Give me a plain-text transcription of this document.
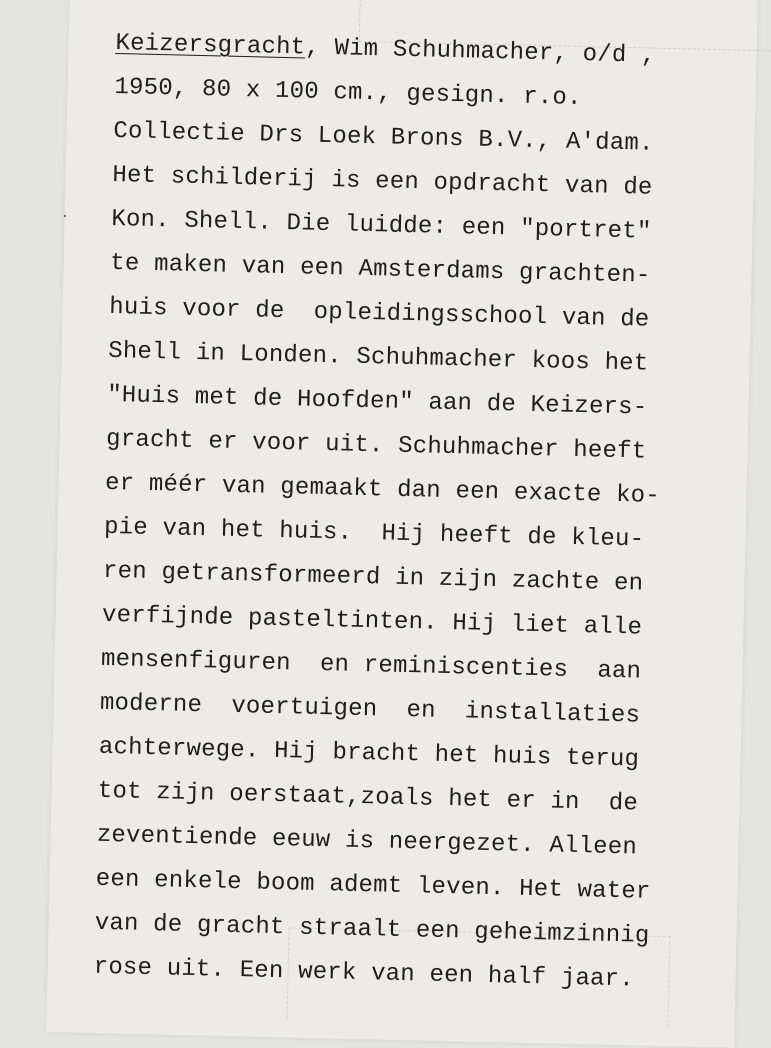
Keizersgracht, Wim Schuhmacher, o/d ,
1950, 80 x 100 cm., gesign. r.o.
Collectie Drs Loek Brons B.V., A'dam.
Het schilderij is een opdracht van de
Kon. Shell. Die luidde: een "portret"
te maken van een Amsterdams grachten-
huis voor de  opleidingsschool van de
Shell in Londen. Schuhmacher koos het
"Huis met de Hoofden" aan de Keizers-
gracht er voor uit. Schuhmacher heeft
er méér van gemaakt dan een exacte ko-
pie van het huis.  Hij heeft de kleu-
ren getransformeerd in zijn zachte en
verfijnde pasteltinten. Hij liet alle
mensenfiguren  en reminiscenties  aan
moderne  voertuigen  en  installaties
achterwege. Hij bracht het huis terug
tot zijn oerstaat,zoals het er in  de
zeventiende eeuw is neergezet. Alleen
een enkele boom ademt leven. Het water
van de gracht straalt een geheimzinnig
rose uit. Een werk van een half jaar.
